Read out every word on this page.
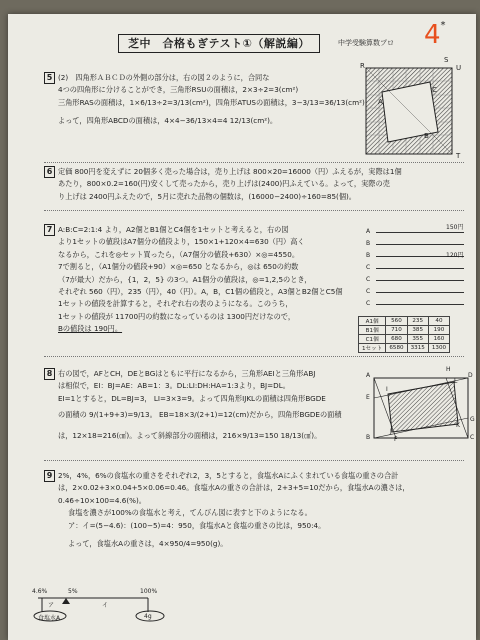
芝中　合格もぎテスト①（解説編）	中学受験算数プロ 4*

5 (2)　四角形ＡＢＣＤの外側の部分は，右の図２のように，合同な

4つの四角形に分けることができ，三角形RSUの面積は，2×3÷2=3(cm²)

三角形RASの面積は，1×6/13÷2=3/13(cm²)，四角形ATUSの面積は，3−3/13=36/13(cm²)

よって，四角形ABCDの面積は，4×4−36/13×4=4 12/13(cm²)。

R
S
U
A
B
C
T

6 定価 800円を変えずに 20個多く売った場合は，売り上げは 800×20=16000（円）ふえるが，実際は1個

あたり，800×0.2=160(円)安くして売ったから，売り上げは(2400)円ふえている。よって，実際の売

り上げは 2400円ふえたので，5月に売れた品物の個数は，(16000−2400)÷160=85(個)。

7 A:B:C=2:1:4 より，A2個とB1個とC4個を1セットと考えると，右の図

より1セットの値段はA7個分の値段より，150×1+120×4=630（円）高く

なるから，これを◎セット買ったら，（A7個分の値段+630）×◎=4550。

7で割ると，（A1個分の値段+90）×◎=650 となるから，◎は 650の約数

（7が最大）だから，{1，2，5} の3つ。A1個分の値段は，◎=1,2,5のとき，

それぞれ 560（円），235（円），40（円）。A，B，C1個の値段と，A3個とB2個とC5個

1セットの値段を計算すると，それぞれ右の表のようになる。このうち，

1セットの値段が 11700円の約数になっているのは 1300円だけなので，

Bの値段は 190円。

A
B
B
C
C
C
C
150円
120円
A1個	560	235	40
B1個	710	385	190
C1個	680	355	160
1セット	6580	3315	1300

8 右の図で，AFとCH，DEとBGはともに平行になるから，三角形AEIと三角形ABJ

は相似で，EI：BJ=AE：AB=1：3。DL:LI:DH:HA=1:3より，BJ=DL。

EI=1とすると，DL=BJ=3， LI=3×3=9。よって四角形IJKLの面積は四角形BGDE

の面積の 9/(1+9+3)=9/13。 EB=18×3/(2+1)=12(cm)だから，四角形BGDEの面積

は，12×18=216(㎠)。よって斜線部分の面積は，216×9/13=150 18/13(㎠)。

A	D
E
F
G
B	C
H
I
J
K
L

9 2%，4%，6%の食塩水の重さをそれぞれ2，3，5とすると，食塩水Aにふくまれている食塩の重さの合計

は，2×0.02+3×0.04+5×0.06=0.46。食塩水Aの重さの合計は，2+3+5=10だから，食塩水Aの濃さは，

0.46÷10×100=4.6(%)。

食塩を濃さが100%の食塩水と考え，てんびん図に表すと下のようになる。

ア：イ=(5−4.6)：(100−5)=4：950，食塩水Aと食塩の重さの比は，950:4。

よって，食塩水Aの重さは，4×950/4=950(g)。

4.6%	5%	100%
ア	イ
食塩水A	4g
